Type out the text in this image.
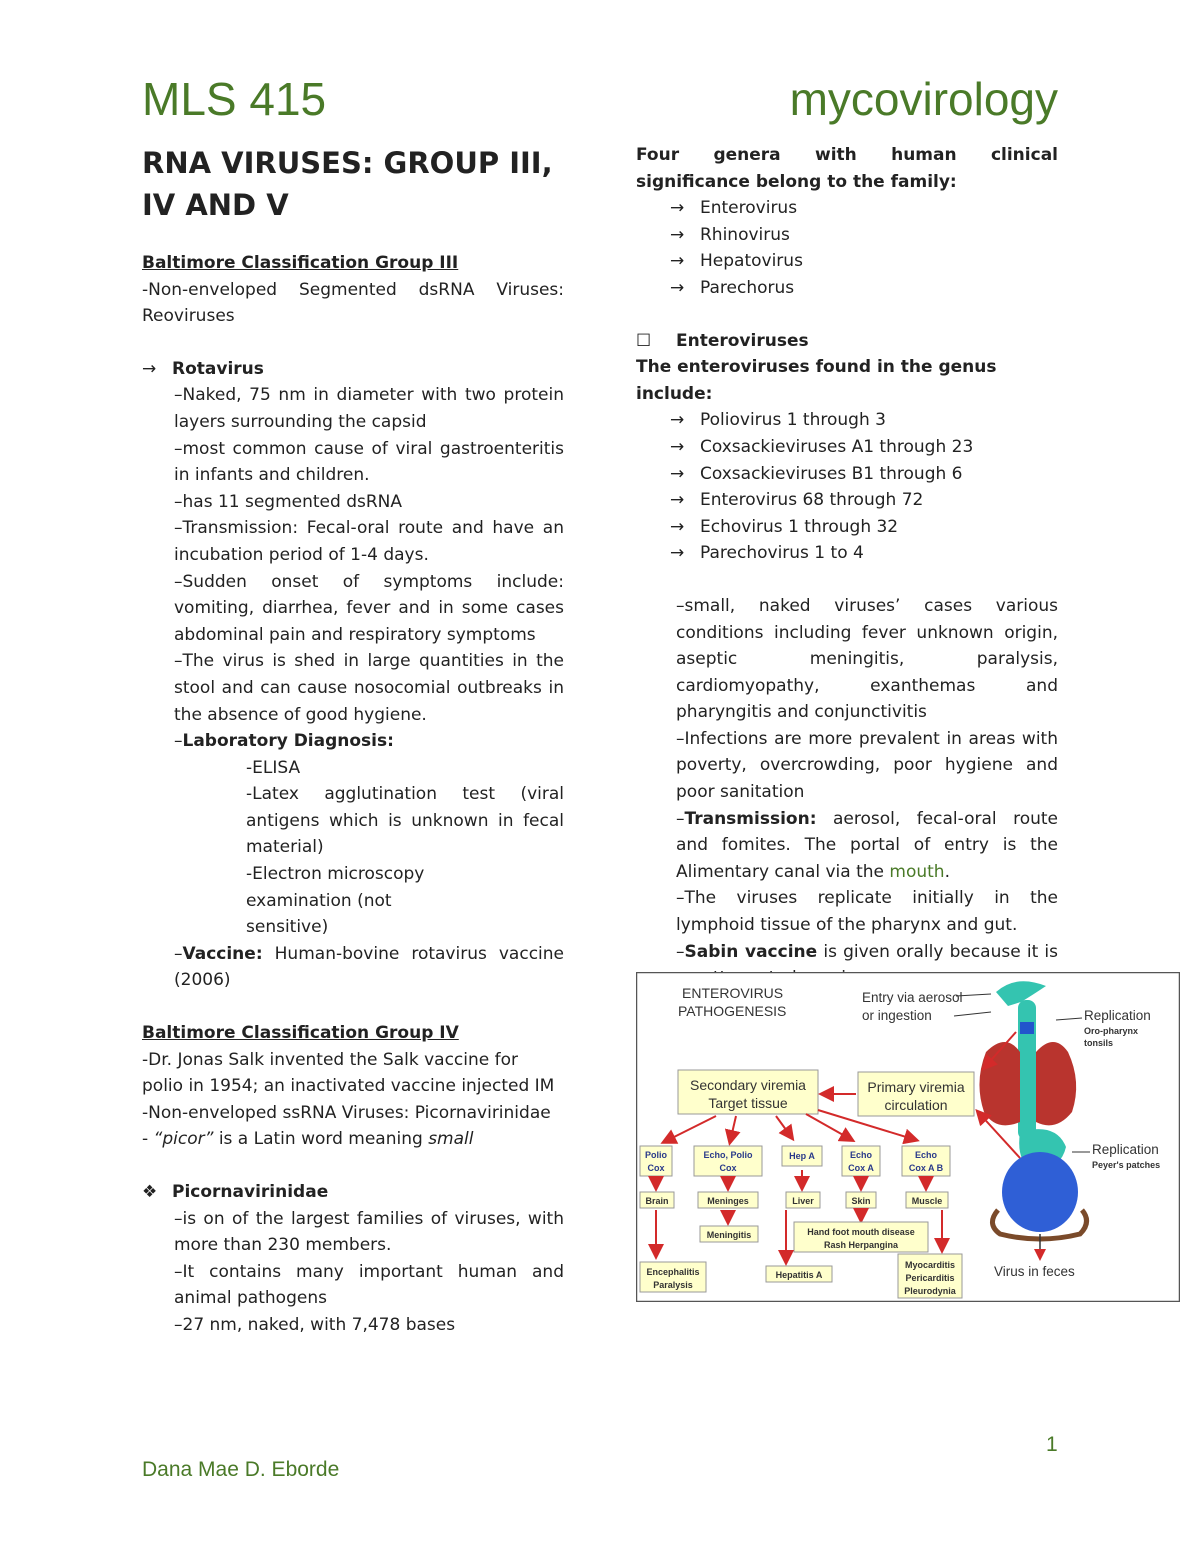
MLS 415	mycovirology
RNA VIRUSES: GROUP III, IV AND V

Baltimore Classification Group III

-Non-enveloped Segmented dsRNA Viruses: Reoviruses

→ Rotavirus

–Naked, 75 nm in diameter with two protein layers surrounding the capsid

–most common cause of viral gastroenteritis in infants and children.

–has 11 segmented dsRNA

–Transmission: Fecal-oral route and have an incubation period of 1-4 days.

–Sudden onset of symptoms include: vomiting, diarrhea, fever and in some cases abdominal pain and respiratory symptoms

–The virus is shed in large quantities in the stool and can cause nosocomial outbreaks in the absence of good hygiene.

–Laboratory Diagnosis:

-ELISA

-Latex agglutination test (viral antigens which is unknown in fecal material)

-Electron microscopy examination (not sensitive)

–Vaccine: Human-bovine rotavirus vaccine (2006)

Baltimore Classification Group IV

-Dr. Jonas Salk invented the Salk vaccine for polio in 1954; an inactivated vaccine injected IM

-Non-enveloped ssRNA Viruses: Picornavirinidae

- “picor” is a Latin word meaning small

❖ Picornavirinidae

–is on of the largest families of viruses, with more than 230 members.

–It contains many important human and animal pathogens

–27 nm, naked, with 7,478 bases

Four genera with human clinical significance belong to the family:

→ Enterovirus

→ Rhinovirus

→ Hepatovirus

→ Parechorus

☐ Enteroviruses

The enteroviruses found in the genus include:

→ Poliovirus 1 through 3

→ Coxsackieviruses A1 through 23

→ Coxsackieviruses B1 through 6

→ Enterovirus 68 through 72

→ Echovirus 1 through 32

→ Parechovirus 1 to 4

–small, naked viruses’ cases various conditions including fever unknown origin, aseptic meningitis, paralysis, cardiomyopathy, exanthemas and pharyngitis and conjunctivitis

–Infections are more prevalent in areas with poverty, overcrowding, poor hygiene and poor sanitation

–Transmission: aerosol, fecal-oral route and fomites. The portal of entry is the Alimentary canal via the mouth.

–The viruses replicate initially in the lymphoid tissue of the pharynx and gut.

–Sabin vaccine is given orally because it is

ENTEROVIRUS
PATHOGENESIS
Entry via aerosol
or ingestion	Replication
Oro-pharynx
tonsils
Replication
Peyer's patches
Secondary viremia
Target tissue
Primary viremia
circulation
Polio
Cox
Echo, Polio
Cox
Hep A	Echo
Cox A
Echo
Cox A B
Brain	Meninges	Liver	Skin	Muscle
Meningitis	Hand foot mouth disease
Rash Herpangina
Encephalitis
Paralysis
Hepatitis A
Myocarditis
Pericarditis
Pleurodynia
Virus in feces
1
Dana Mae D. Eborde
